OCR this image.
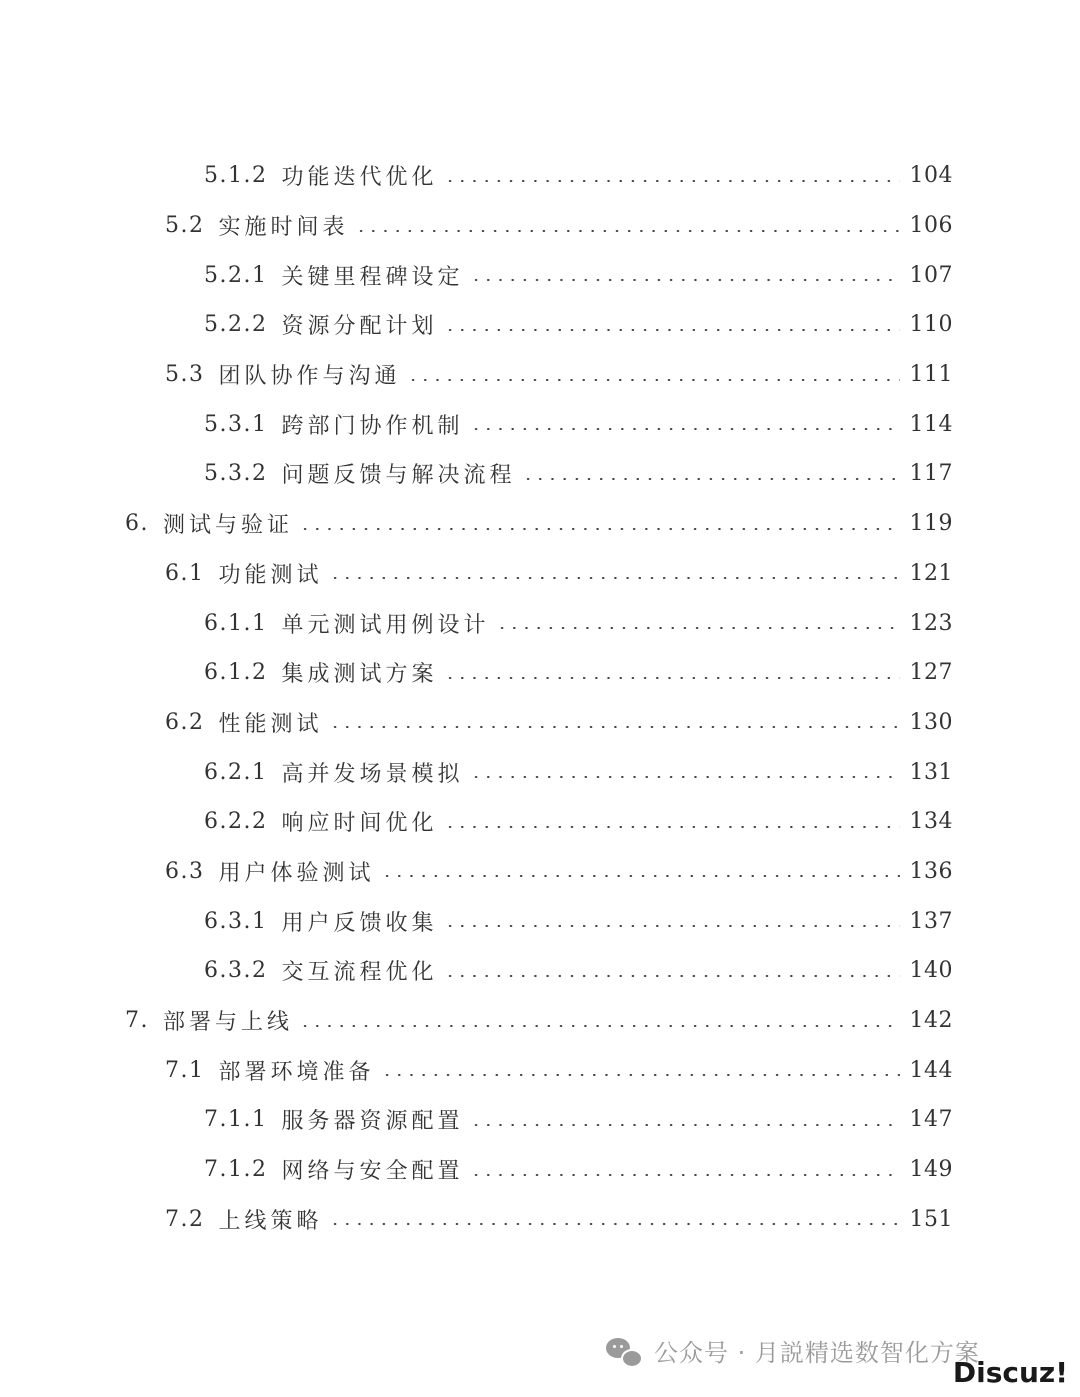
5.1.2 功能迭代优化	104
5.2 实施时间表	106
5.2.1 关键里程碑设定	107
5.2.2 资源分配计划	110
5.3 团队协作与沟通	111
5.3.1 跨部门协作机制	114
5.3.2 问题反馈与解决流程	117
6. 测试与验证	119
6.1 功能测试	121
6.1.1 单元测试用例设计	123
6.1.2 集成测试方案	127
6.2 性能测试	130
6.2.1 高并发场景模拟	131
6.2.2 响应时间优化	134
6.3 用户体验测试	136
6.3.1 用户反馈收集	137
6.3.2 交互流程优化	140
7. 部署与上线	142
7.1 部署环境准备	144
7.1.1 服务器资源配置	147
7.1.2 网络与安全配置	149
7.2 上线策略	151
公众号 · 月説精选数智化方案
Discuz!
